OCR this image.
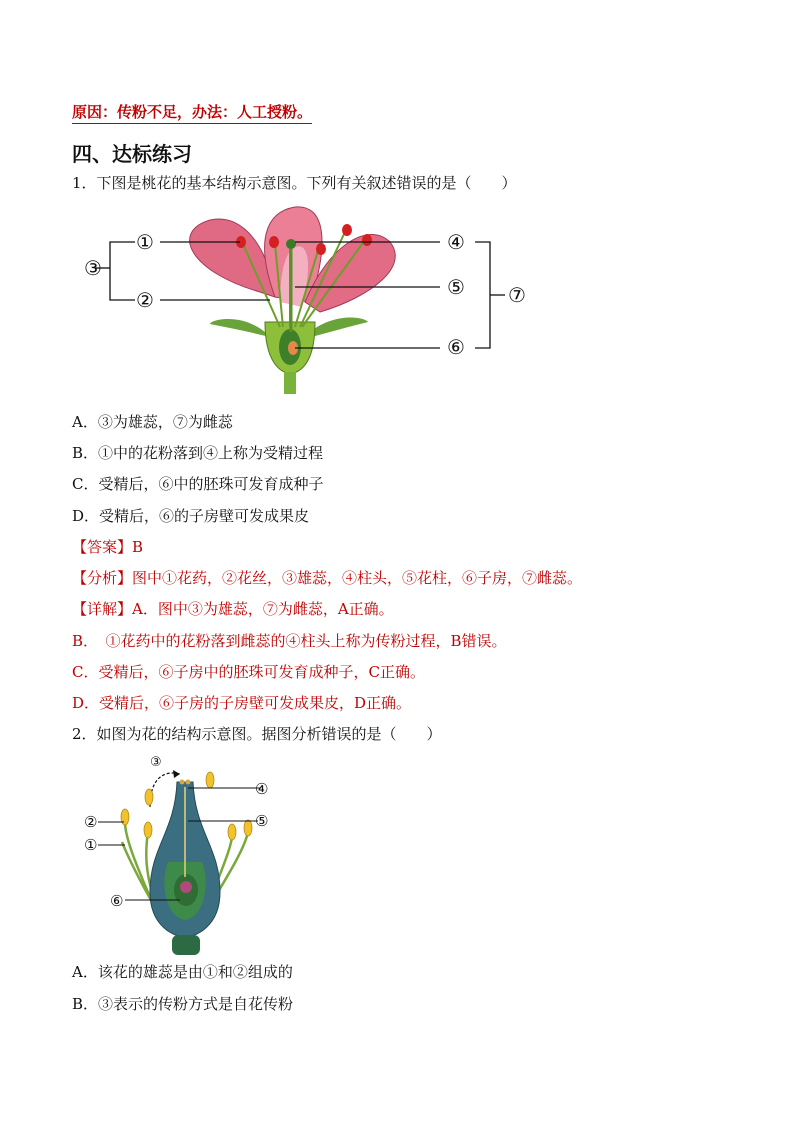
原因：传粉不足，办法：人工授粉。
四、达标练习
1．下图是桃花的基本结构示意图。下列有关叙述错误的是（　　）
①
②
③
④
⑤
⑥
⑦
A．③为雄蕊，⑦为雌蕊
B．①中的花粉落到④上称为受精过程
C．受精后，⑥中的胚珠可发育成种子
D．受精后，⑥的子房壁可发成果皮
【答案】B
【分析】图中①花药，②花丝，③雄蕊，④柱头，⑤花柱，⑥子房，⑦雌蕊。
【详解】A．图中③为雄蕊，⑦为雌蕊，A正确。
B．　①花药中的花粉落到雌蕊的④柱头上称为传粉过程，B错误。
C．受精后，⑥子房中的胚珠可发育成种子，C正确。
D．受精后，⑥子房的子房壁可发成果皮，D正确。
2．如图为花的结构示意图。据图分析错误的是（　　）
③
④
⑤
②
①
⑥
A．该花的雄蕊是由①和②组成的
B．③表示的传粉方式是自花传粉
